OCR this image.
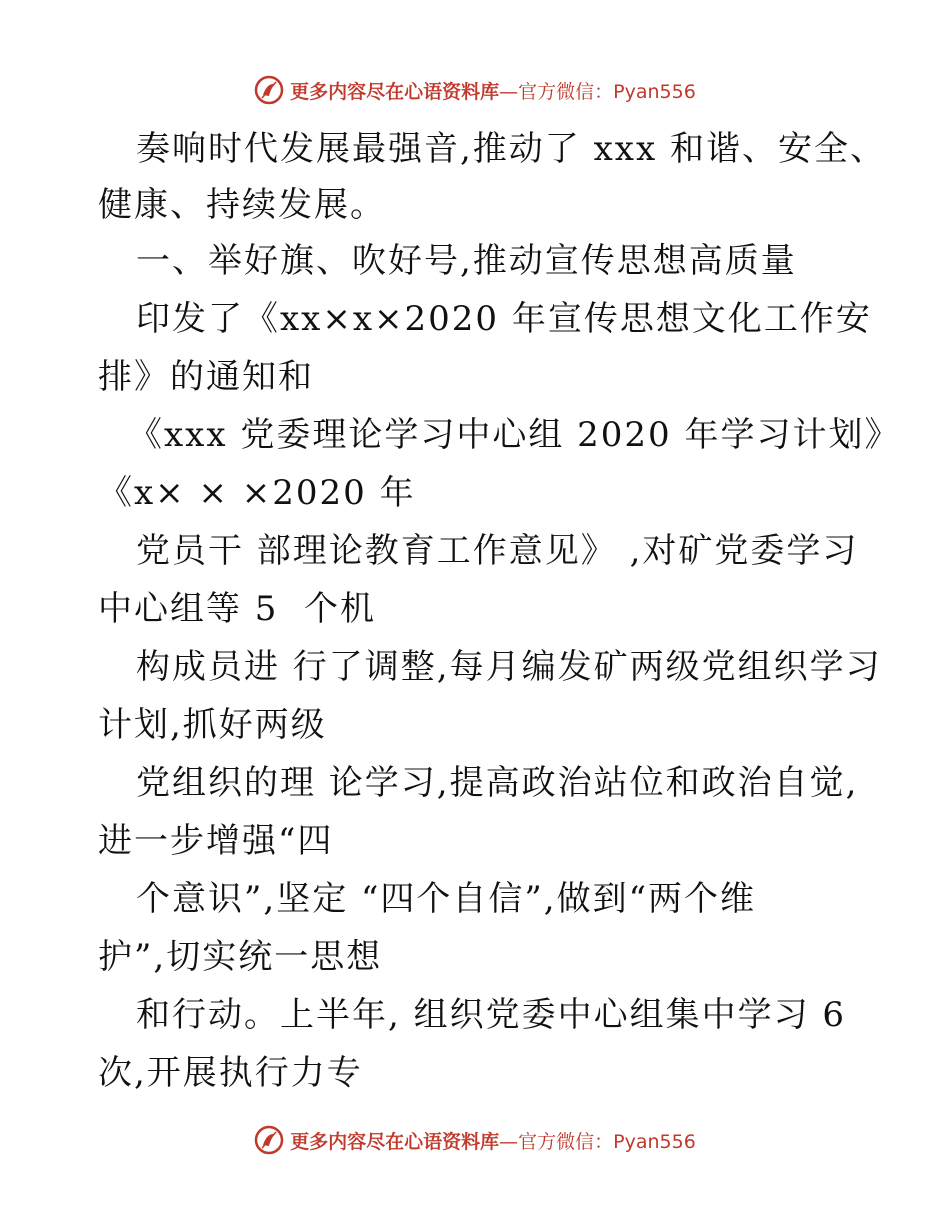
更多内容尽在心语资料库 —官方微信：Pyan556
奏响时代发展最强音,推动了 xxx 和谐、安全、
健康、持续发展。
一、举好旗、吹好号,推动宣传思想高质量
印发了《xx×x×2020 年宣传思想文化工作安
排》的通知和
《xxx 党委理论学习中心组 2020 年学习计划》
《x× × ×2020 年
党员干 部理论教育工作意见》 ,对矿党委学习
中心组等 5  个机
构成员进 行了调整,每月编发矿两级党组织学习
计划,抓好两级
党组织的理 论学习,提高政治站位和政治自觉,
进一步增强“四
个意识”,坚定 “四个自信”,做到“两个维
护”,切实统一思想
和行动。上半年, 组织党委中心组集中学习 6
次,开展执行力专
更多内容尽在心语资料库 —官方微信：Pyan556
